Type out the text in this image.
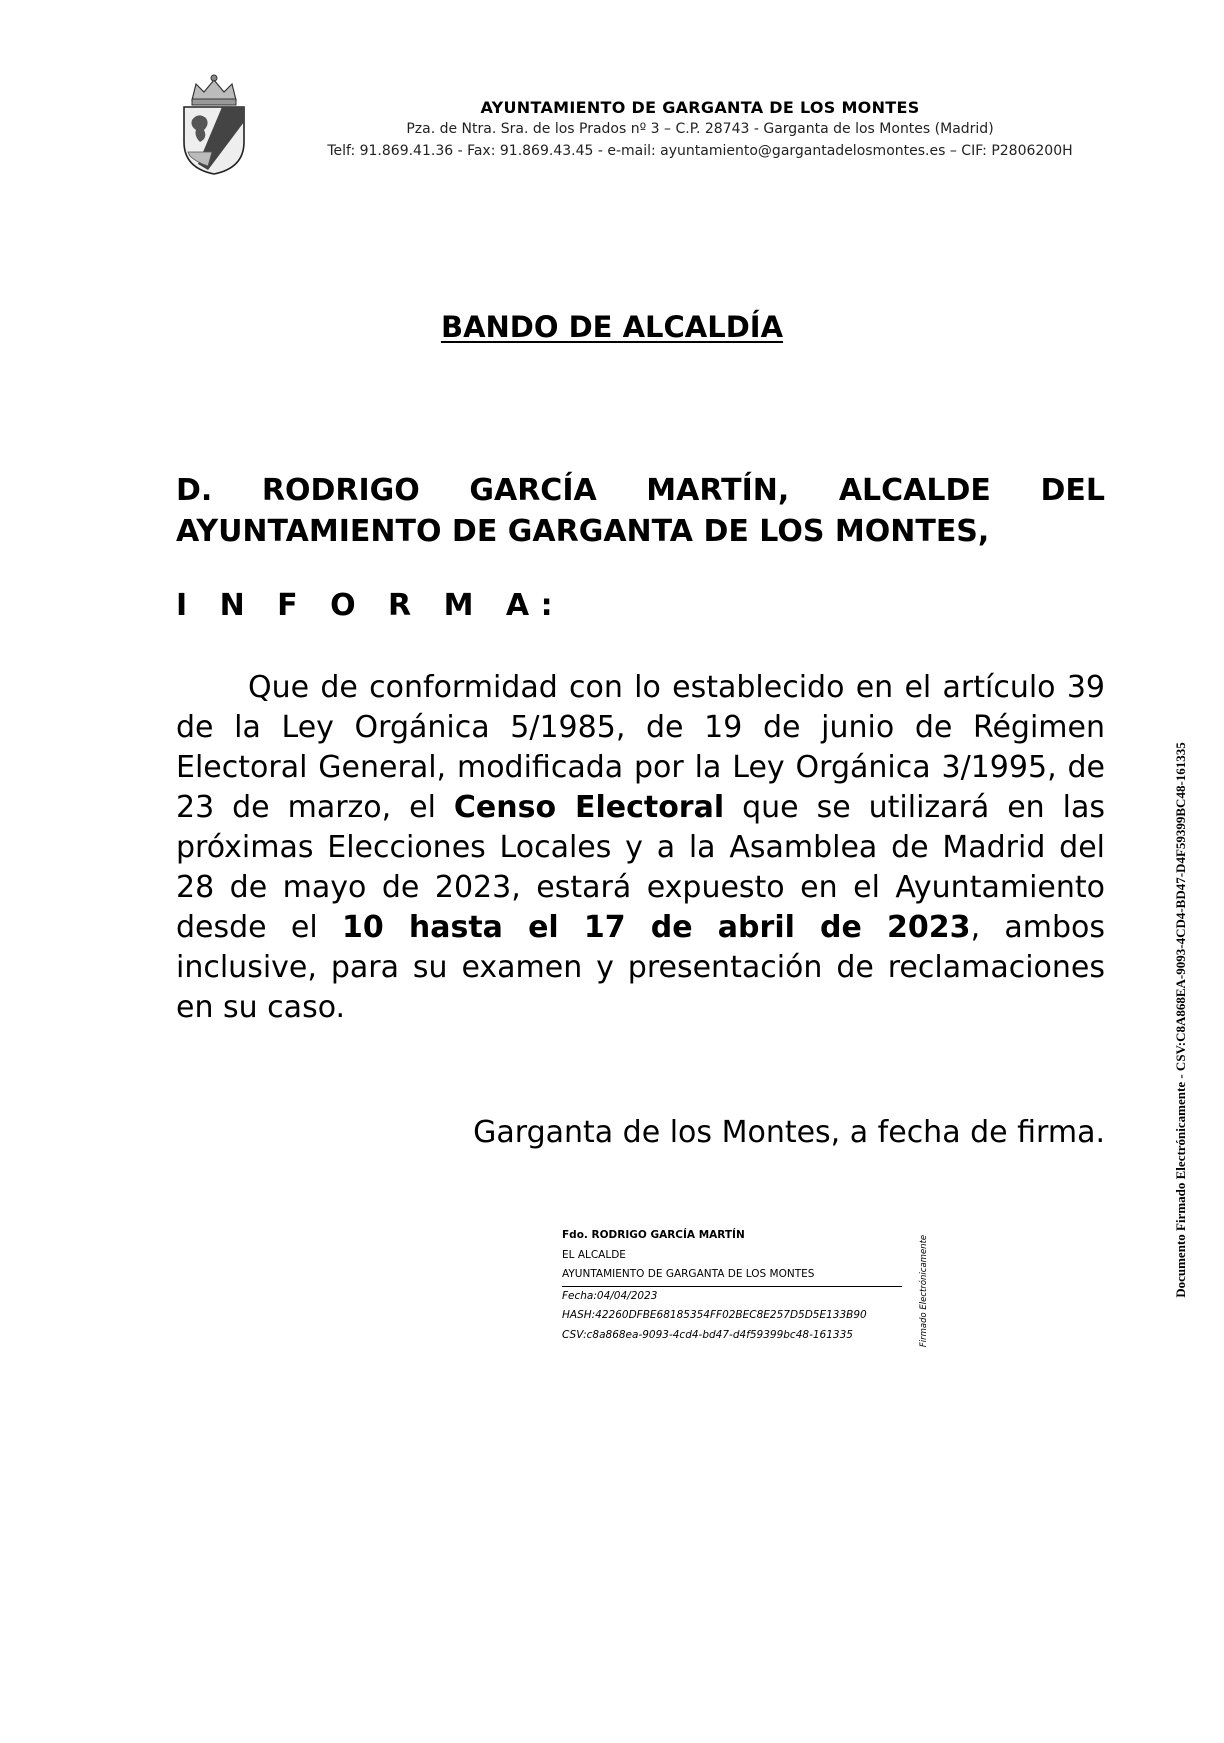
AYUNTAMIENTO DE GARGANTA DE LOS MONTES
Pza. de Ntra. Sra. de los Prados nº 3 – C.P. 28743 - Garganta de los Montes (Madrid)
Telf: 91.869.41.36 - Fax: 91.869.43.45 - e-mail: ayuntamiento@gargantadelosmontes.es – CIF: P2806200H
BANDO DE ALCALDÍA
D. RODRIGO GARCÍA MARTÍN, ALCALDE DEL
AYUNTAMIENTO DE GARGANTA DE LOS MONTES,
I N F O R M A:
Que de conformidad con lo establecido en el artículo 39 de la Ley Orgánica 5/1985, de 19 de junio de Régimen Electoral General, modificada por la Ley Orgánica 3/1995, de 23 de marzo, el Censo Electoral que se utilizará en las próximas Elecciones Locales y a la Asamblea de Madrid del 28 de mayo de 2023, estará expuesto en el Ayuntamiento desde el 10 hasta el 17 de abril de 2023, ambos inclusive, para su examen y presentación de reclamaciones en su caso.
Garganta de los Montes, a fecha de firma.
Fdo. RODRIGO GARCÍA MARTÍN
EL ALCALDE
AYUNTAMIENTO DE GARGANTA DE LOS MONTES
Fecha:04/04/2023
HASH:42260DFBE68185354FF02BEC8E257D5D5E133B90
CSV:c8a868ea-9093-4cd4-bd47-d4f59399bc48-161335	Firmado Electrónicamente	Documento Firmado Electrónicamente - CSV:C8A868EA-9093-4CD4-BD47-D4F59399BC48-161335
